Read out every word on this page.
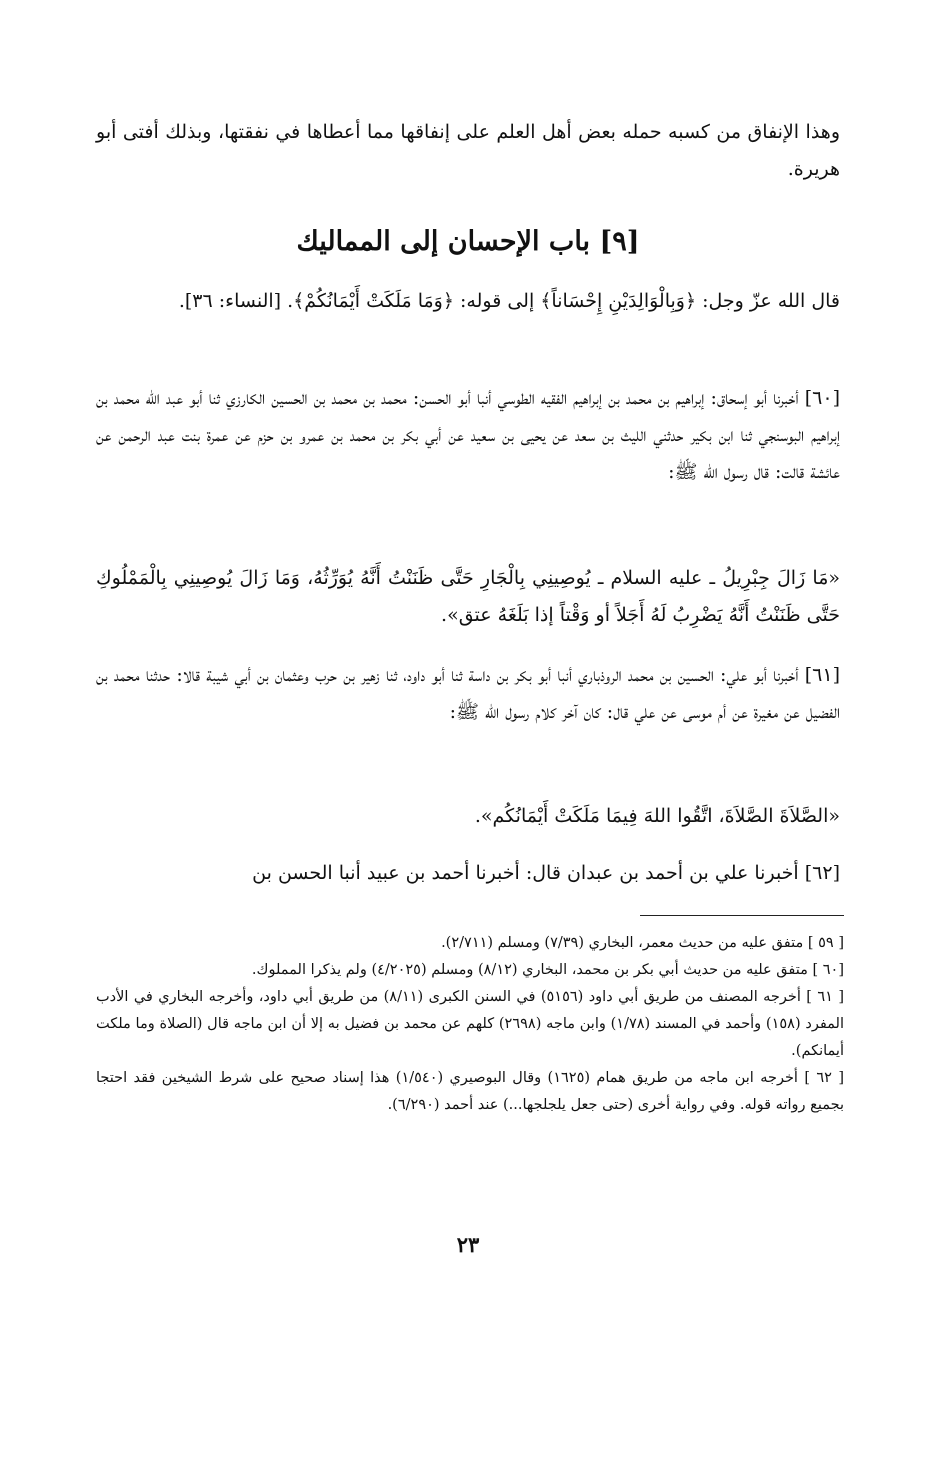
وهذا الإنفاق من كسبه حمله بعض أهل العلم على إنفاقها مما أعطاها في نفقتها، وبذلك أفتى أبو هريرة.

[٩] باب الإحسان إلى المماليك

قال الله عزّ وجل: ﴿وَبِالْوَالِدَيْنِ إِحْسَاناً﴾ إلى قوله: ﴿وَمَا مَلَكَتْ أَيْمَانُكُمْ﴾. [النساء: ٣٦].

[٦٠] أخبرنا أبو إسحاق: إبراهيم بن محمد بن إبراهيم الفقيه الطوسي أنبا أبو الحسن: محمد بن محمد بن الحسين الكارزي ثنا أبو عبد الله محمد بن إبراهيم البوسنجي ثنا ابن بكير حدثني الليث بن سعد عن يحيى بن سعيد عن أبي بكر بن محمد بن عمرو بن حزم عن عمرة بنت عبد الرحمن عن عائشة قالت: قال رسول الله ﷺ:

«مَا زَالَ جِبْرِيلُ ـ عليه السلام ـ يُوصِينِي بِالْجَارِ حَتَّى ظَنَنْتُ أَنَّهُ يُوَرِّثُهُ، وَمَا زَالَ يُوصِينِي بِالْمَمْلُوكِ حَتَّى ظَنَنْتُ أَنَّهُ يَضْرِبُ لَهُ أَجَلاً أو وَقْتاً إذا بَلَغَهُ عتق».

[٦١] أخبرنا أبو علي: الحسين بن محمد الروذباري أنبا أبو بكر بن داسة ثنا أبو داود، ثنا زهير بن حرب وعثمان بن أبي شيبة قالا: حدثنا محمد بن الفضيل عن مغيرة عن أم موسى عن علي قال: كان آخر كلام رسول الله ﷺ:

«الصَّلاَةَ الصَّلاَةَ، اتَّقُوا اللهَ فِيمَا مَلَكَتْ أَيْمَانُكُم».

[٦٢] أخبرنا علي بن أحمد بن عبدان قال: أخبرنا أحمد بن عبيد أنبا الحسن بن

[ ٥٩ ] متفق عليه من حديث معمر، البخاري (٧/٣٩) ومسلم (٢/٧١١).

[٦٠ ] متفق عليه من حديث أبي بكر بن محمد، البخاري (٨/١٢) ومسلم (٤/٢٠٢٥) ولم يذكرا المملوك.

[ ٦١ ] أخرجه المصنف من طريق أبي داود (٥١٥٦) في السنن الكبرى (٨/١١) من طريق أبي داود، وأخرجه البخاري في الأدب المفرد (١٥٨) وأحمد في المسند (١/٧٨) وابن ماجه (٢٦٩٨) كلهم عن محمد بن فضيل به إلا أن ابن ماجه قال (الصلاة وما ملكت أيمانكم).

[ ٦٢ ] أخرجه ابن ماجه من طريق همام (١٦٢٥) وقال البوصيري (١/٥٤٠) هذا إسناد صحيح على شرط الشيخين فقد احتجا بجميع رواته قوله. وفي رواية أخرى (حتى جعل يلجلجها...) عند أحمد (٦/٢٩٠).

٢٣
